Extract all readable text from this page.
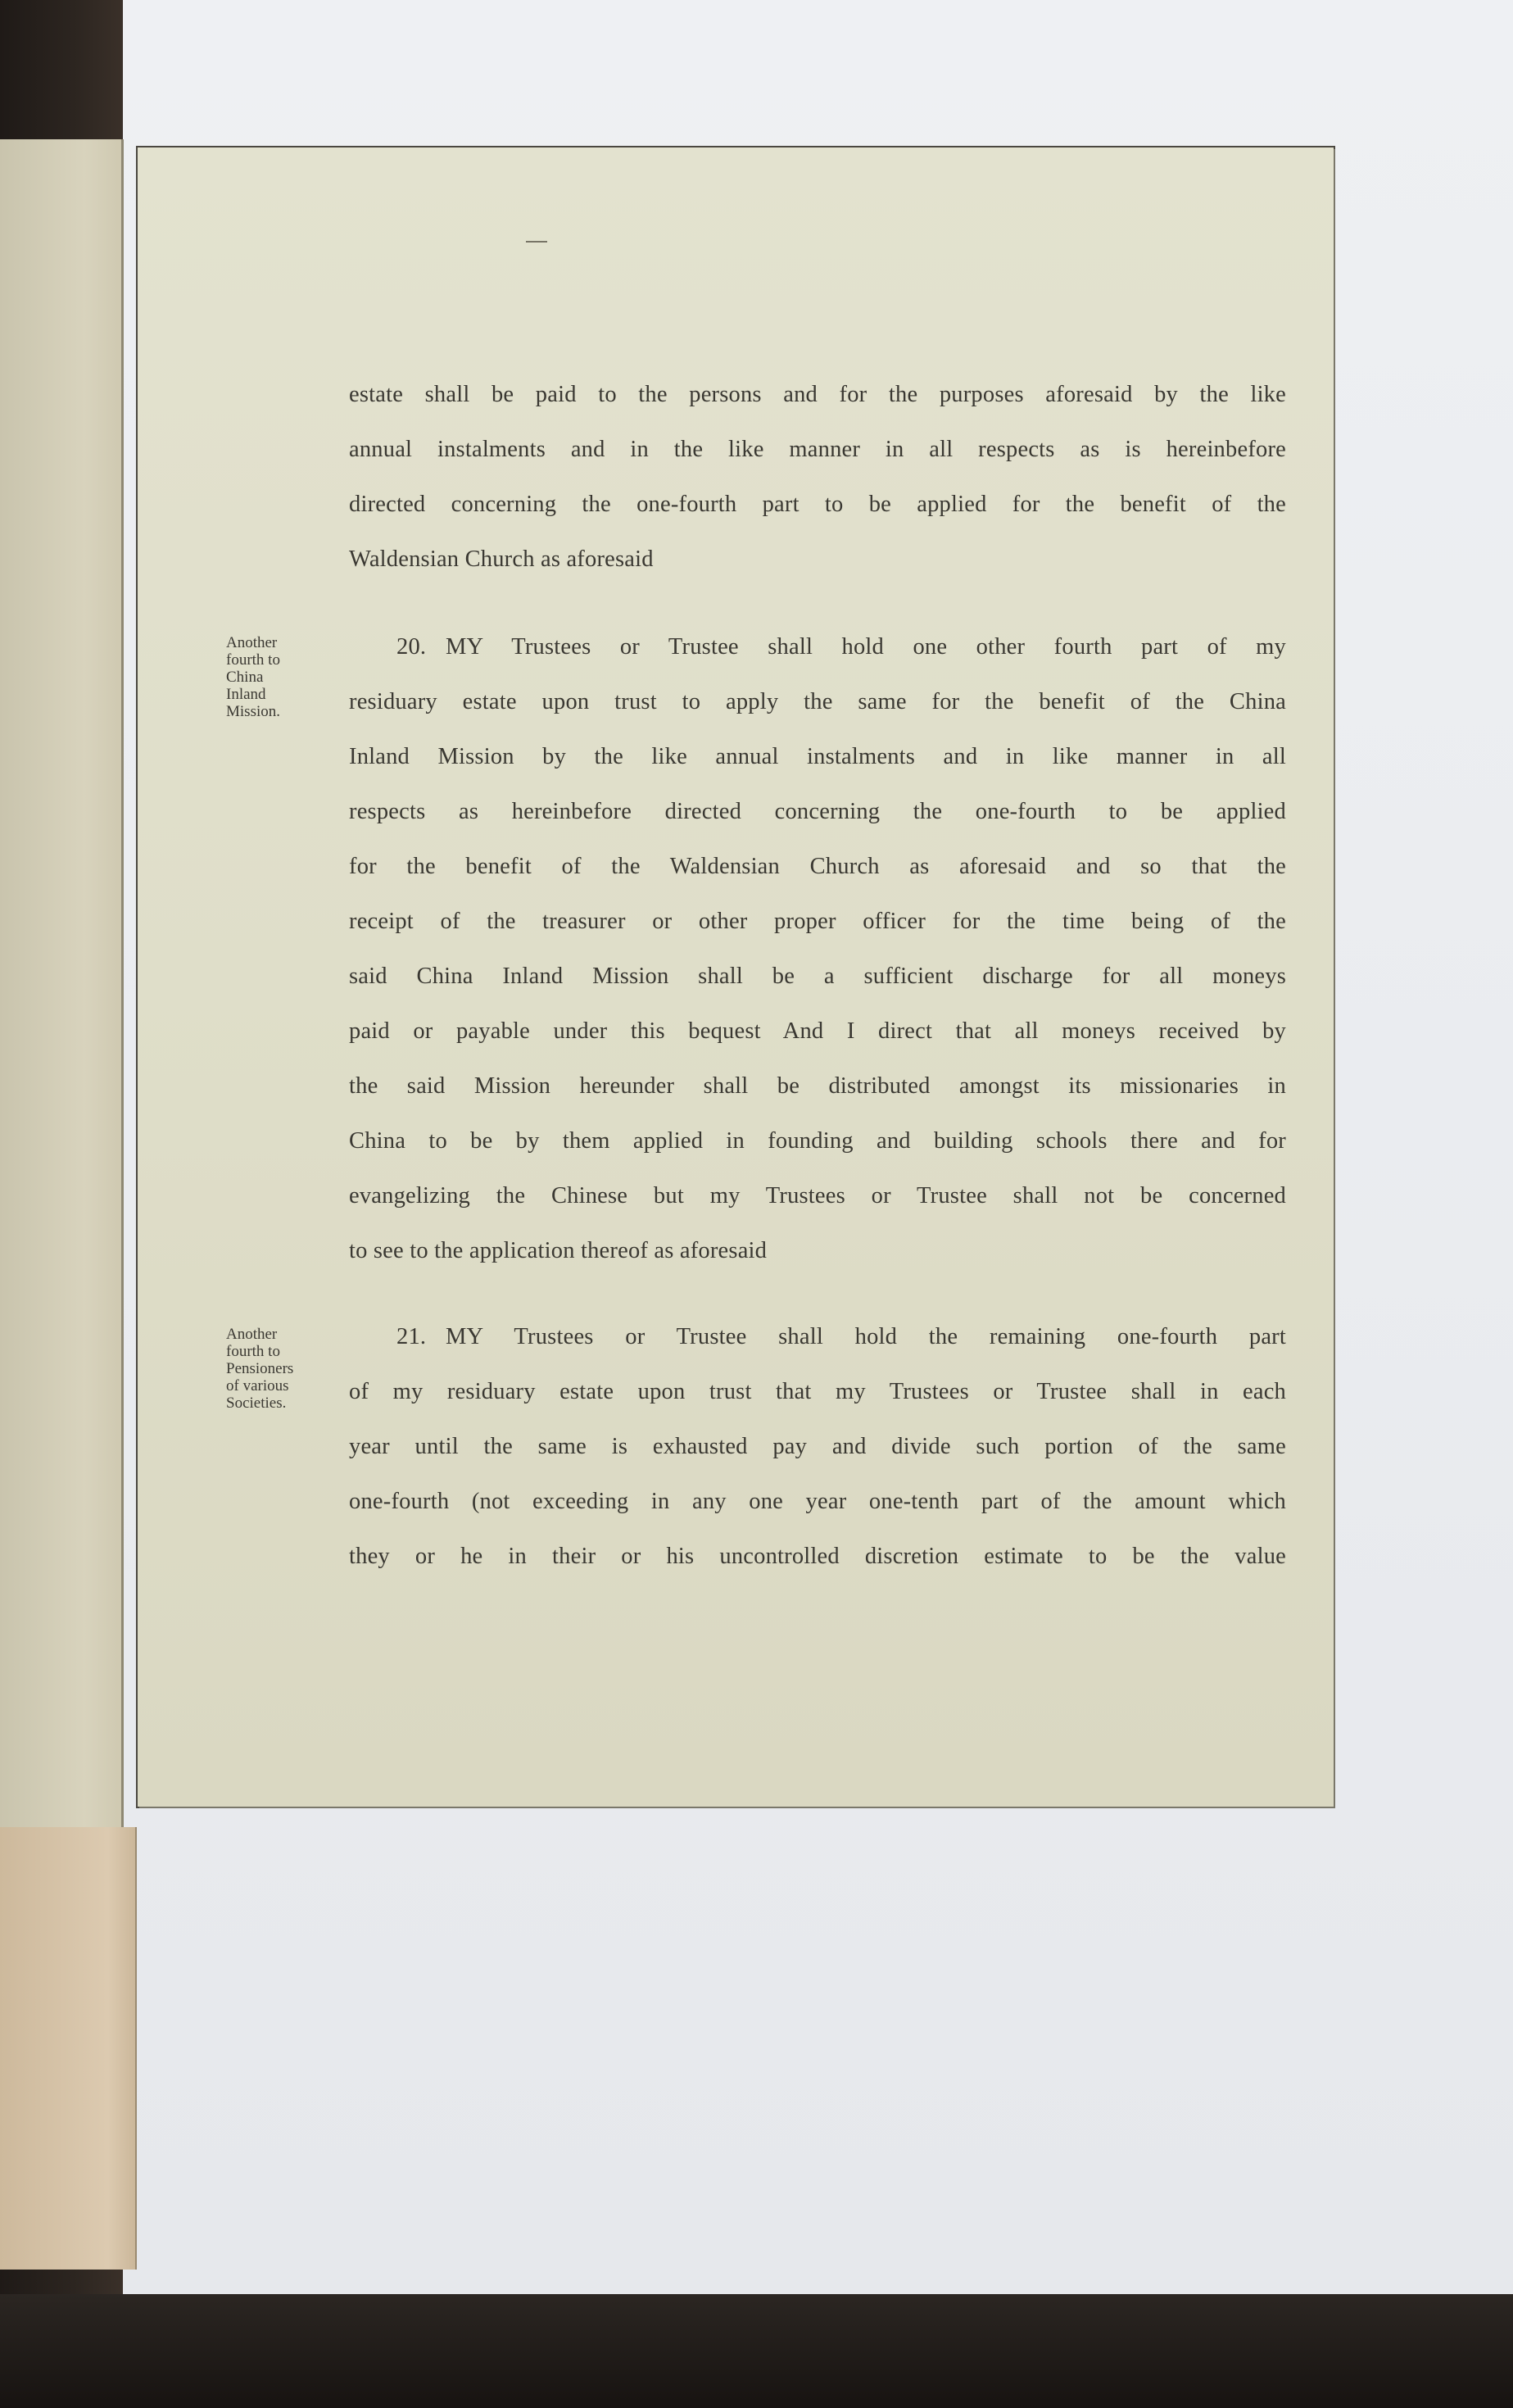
estate shall be paid to the persons and for the purposes aforesaid by the like
annual instalments and in the like manner in all respects as is hereinbefore
directed concerning the one-fourth part to be applied for the benefit of the
Waldensian Church as aforesaid
Another
fourth to
China
Inland
Mission.
20. MY Trustees or Trustee shall hold one other fourth part of my
residuary estate upon trust to apply the same for the benefit of the China
Inland Mission by the like annual instalments and in like manner in all
respects as hereinbefore directed concerning the one-fourth to be applied
for the benefit of the Waldensian Church as aforesaid and so that the
receipt of the treasurer or other proper officer for the time being of the
said China Inland Mission shall be a sufficient discharge for all moneys
paid or payable under this bequest And I direct that all moneys received by
the said Mission hereunder shall be distributed amongst its missionaries in
China to be by them applied in founding and building schools there and for
evangelizing the Chinese but my Trustees or Trustee shall not be concerned
to see to the application thereof as aforesaid
Another
fourth to
Pensioners
of various
Societies.
21. MY Trustees or Trustee shall hold the remaining one-fourth part
of my residuary estate upon trust that my Trustees or Trustee shall in each
year until the same is exhausted pay and divide such portion of the same
one-fourth (not exceeding in any one year one-tenth part of the amount which
they or he in their or his uncontrolled discretion estimate to be the value
